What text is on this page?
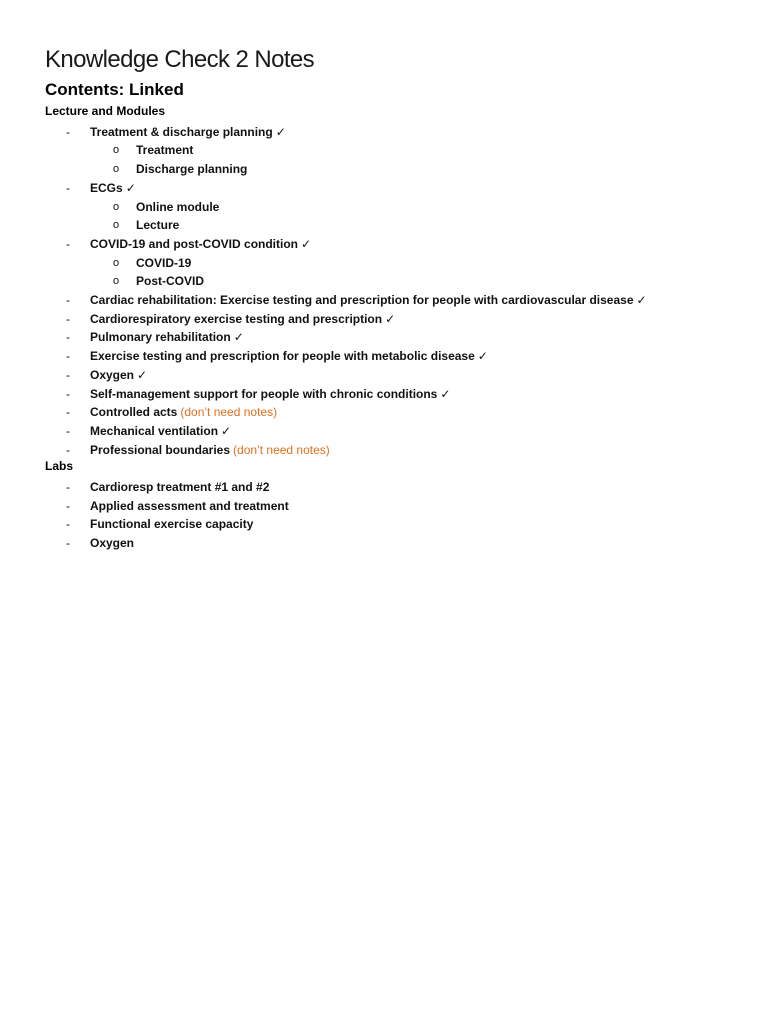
Knowledge Check 2 Notes
Contents: Linked
Lecture and Modules
- Treatment & discharge planning ✓
o Treatment
o Discharge planning
- ECGs ✓
o Online module
o Lecture
- COVID-19 and post-COVID condition ✓
o COVID-19
o Post-COVID
- Cardiac rehabilitation: Exercise testing and prescription for people with cardiovascular disease ✓
- Cardiorespiratory exercise testing and prescription ✓
- Pulmonary rehabilitation ✓
- Exercise testing and prescription for people with metabolic disease ✓
- Oxygen ✓
- Self-management support for people with chronic conditions ✓
- Controlled acts (don’t need notes)
- Mechanical ventilation ✓
- Professional boundaries (don’t need notes)
Labs
- Cardioresp treatment #1 and #2
- Applied assessment and treatment
- Functional exercise capacity
- Oxygen
